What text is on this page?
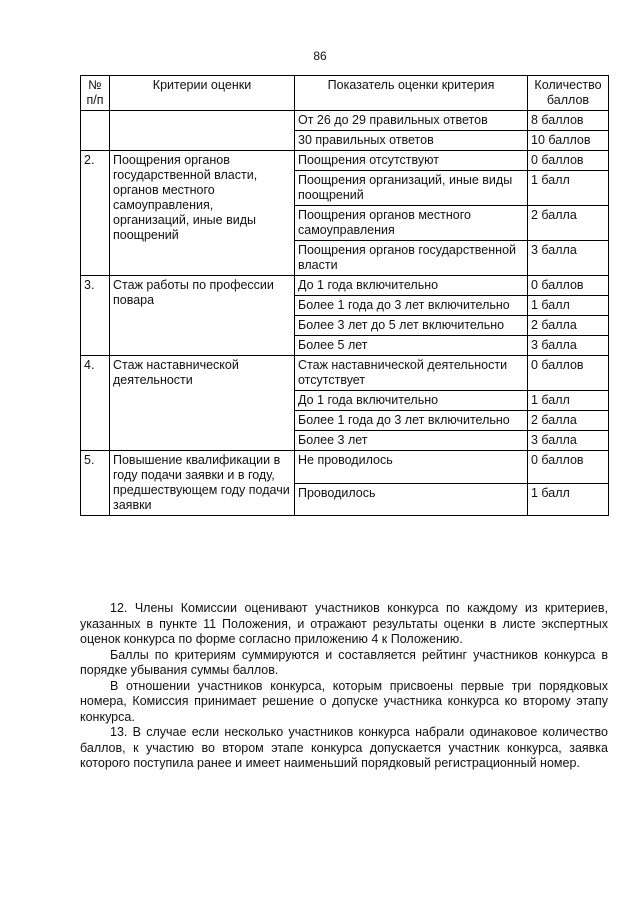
86
№ п/п	Критерии оценки	Показатель оценки критерия	Количество баллов
		От 26 до 29 правильных ответов	8 баллов
		30 правильных ответов	10 баллов
2.	Поощрения органов государственной власти, органов местного самоуправления, организаций, иные виды поощрений	Поощрения отсутствуют	0 баллов
		Поощрения организаций, иные виды поощрений	1 балл
		Поощрения органов местного самоуправления	2 балла
		Поощрения органов государственной власти	3 балла
3.	Стаж работы по профессии повара	До 1 года включительно	0 баллов
		Более 1 года до 3 лет включительно	1 балл
		Более 3 лет до 5 лет включительно	2 балла
		Более 5 лет	3 балла
4.	Стаж наставнической деятельности	Стаж наставнической деятельности отсутствует	0 баллов
		До 1 года включительно	1 балл
		Более 1 года до 3 лет включительно	2 балла
		Более 3 лет	3 балла
5.	Повышение квалификации в году подачи заявки и в году, предшествующем году подачи заявки	Не проводилось	0 баллов
		Проводилось	1 балл

12. Члены Комиссии оценивают участников конкурса по каждому из критериев, указанных в пункте 11 Положения, и отражают результаты оценки в листе экспертных оценок конкурса по форме согласно приложению 4 к Положению.

Баллы по критериям суммируются и составляется рейтинг участников конкурса в порядке убывания суммы баллов.

В отношении участников конкурса, которым присвоены первые три порядковых номера, Комиссия принимает решение о допуске участника конкурса ко второму этапу конкурса.

13. В случае если несколько участников конкурса набрали одинаковое количество баллов, к участию во втором этапе конкурса допускается участник конкурса, заявка которого поступила ранее и имеет наименьший порядковый регистрационный номер.
